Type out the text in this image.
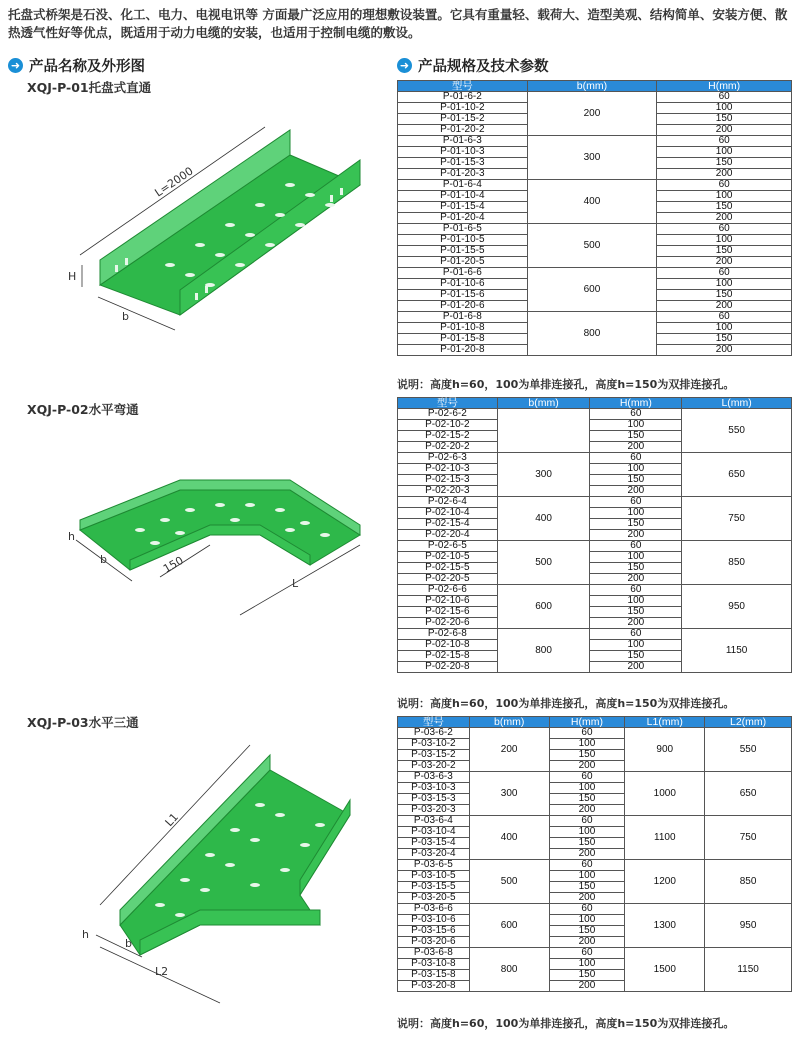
托盘式桥架是石没、化工、电力、电视电讯等 方面最广泛应用的理想敷设装置。它具有重量轻、载荷大、造型美观、结构简单、安装方便、散热透气性好等优点，既适用于动力电缆的安装，也适用于控制电缆的敷设。

➜ 产品名称及外形图	➜ 产品规格及技术参数
XQJ-P-01托盘式直通
L=2000
H
b
XQJ-P-02水平弯通
h
b	150
L
XQJ-P-03水平三通
L1
h
b
L2
型号	b(mm)	H(mm)
P-01-6-2	200	60
P-01-10-2		100
P-01-15-2		150
P-01-20-2		200
P-01-6-3	300	60
P-01-10-3		100
P-01-15-3		150
P-01-20-3		200
P-01-6-4	400	60
P-01-10-4		100
P-01-15-4		150
P-01-20-4		200
P-01-6-5	500	60
P-01-10-5		100
P-01-15-5		150
P-01-20-5		200
P-01-6-6	600	60
P-01-10-6		100
P-01-15-6		150
P-01-20-6		200
P-01-6-8	800	60
P-01-10-8		100
P-01-15-8		150
P-01-20-8		200
说明：高度h=60，100为单排连接孔，高度h=150为双排连接孔。
型号	b(mm)	H(mm)	L(mm)
P-02-6-2		60	550
P-02-10-2		100	
P-02-15-2		150	
P-02-20-2		200	
P-02-6-3	300	60	650
P-02-10-3		100	
P-02-15-3		150	
P-02-20-3		200	
P-02-6-4	400	60	750
P-02-10-4		100	
P-02-15-4		150	
P-02-20-4		200	
P-02-6-5	500	60	850
P-02-10-5		100	
P-02-15-5		150	
P-02-20-5		200	
P-02-6-6	600	60	950
P-02-10-6		100	
P-02-15-6		150	
P-02-20-6		200	
P-02-6-8	800	60	1150
P-02-10-8		100	
P-02-15-8		150	
P-02-20-8		200	
说明：高度h=60，100为单排连接孔，高度h=150为双排连接孔。
型号	b(mm)	H(mm)	L1(mm)	L2(mm)
P-03-6-2	200	60	900	550
P-03-10-2		100		
P-03-15-2		150		
P-03-20-2		200		
P-03-6-3	300	60	1000	650
P-03-10-3		100		
P-03-15-3		150		
P-03-20-3		200		
P-03-6-4	400	60	1100	750
P-03-10-4		100		
P-03-15-4		150		
P-03-20-4		200		
P-03-6-5	500	60	1200	850
P-03-10-5		100		
P-03-15-5		150		
P-03-20-5		200		
P-03-6-6	600	60	1300	950
P-03-10-6		100		
P-03-15-6		150		
P-03-20-6		200		
P-03-6-8	800	60	1500	1150
P-03-10-8		100		
P-03-15-8		150		
P-03-20-8		200		
说明：高度h=60，100为单排连接孔，高度h=150为双排连接孔。
